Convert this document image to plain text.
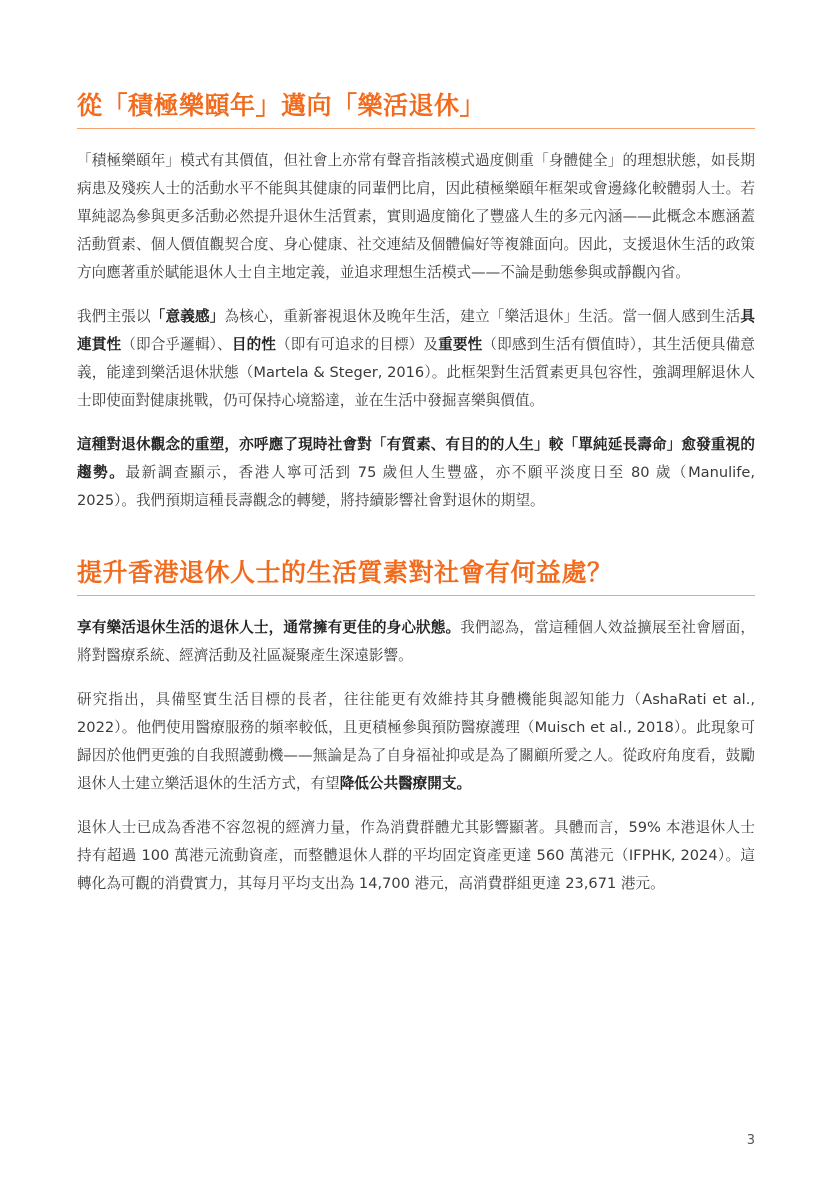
從「積極樂頤年」邁向「樂活退休」

「積極樂頤年」模式有其價值，但社會上亦常有聲音指該模式過度側重「身體健全」的理想狀態，如長期病患及殘疾人士的活動水平不能與其健康的同輩們比肩，因此積極樂頤年框架或會邊緣化較體弱人士。若單純認為參與更多活動必然提升退休生活質素，實則過度簡化了豐盛人生的多元內涵——此概念本應涵蓋活動質素、個人價值觀契合度、身心健康、社交連結及個體偏好等複雜面向。因此，支援退休生活的政策方向應著重於賦能退休人士自主地定義，並追求理想生活模式——不論是動態參與或靜觀內省。

我們主張以「意義感」為核心，重新審視退休及晚年生活，建立「樂活退休」生活。當一個人感到生活具連貫性（即合乎邏輯）、目的性（即有可追求的目標）及重要性（即感到生活有價值時），其生活便具備意義，能達到樂活退休狀態（Martela & Steger, 2016）。此框架對生活質素更具包容性，強調理解退休人士即使面對健康挑戰，仍可保持心境豁達，並在生活中發掘喜樂與價值。

這種對退休觀念的重塑，亦呼應了現時社會對「有質素、有目的的人生」較「單純延長壽命」愈發重視的趨勢。最新調查顯示，香港人寧可活到 75 歲但人生豐盛，亦不願平淡度日至 80 歲（Manulife, 2025）。我們預期這種長壽觀念的轉變，將持續影響社會對退休的期望。

提升香港退休人士的生活質素對社會有何益處？

享有樂活退休生活的退休人士，通常擁有更佳的身心狀態。我們認為，當這種個人效益擴展至社會層面，將對醫療系統、經濟活動及社區凝聚產生深遠影響。

研究指出，具備堅實生活目標的長者，往往能更有效維持其身體機能與認知能力（AshaRati et al., 2022）。他們使用醫療服務的頻率較低，且更積極參與預防醫療護理（Muisch et al., 2018）。此現象可歸因於他們更強的自我照護動機——無論是為了自身福祉抑或是為了關顧所愛之人。從政府角度看，鼓勵退休人士建立樂活退休的生活方式，有望降低公共醫療開支。

退休人士已成為香港不容忽視的經濟力量，作為消費群體尤其影響顯著。具體而言，59% 本港退休人士持有超過 100 萬港元流動資產，而整體退休人群的平均固定資產更達 560 萬港元（IFPHK, 2024）。這轉化為可觀的消費實力，其每月平均支出為 14,700 港元，高消費群組更達 23,671 港元。

3
